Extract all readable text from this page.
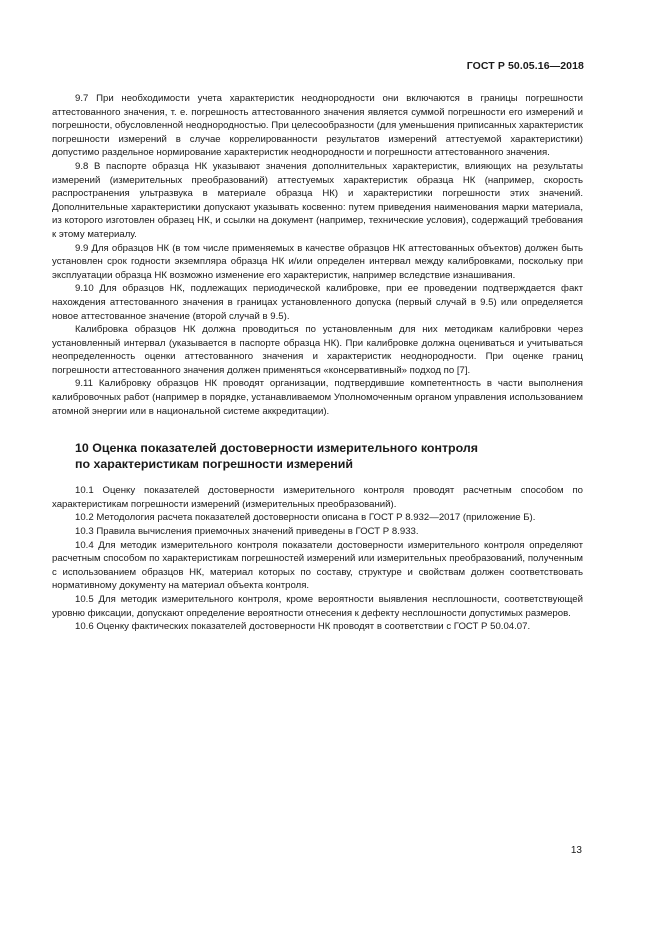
ГОСТ Р 50.05.16—2018

9.7 При необходимости учета характеристик неоднородности они включаются в границы погрешности аттестованного значения, т. е. погрешность аттестованного значения является суммой погрешности его измерений и погрешности, обусловленной неоднородностью. При целесообразности (для уменьшения приписанных характеристик погрешности измерений в случае коррелированности результатов измерений аттестуемой характеристики) допустимо раздельное нормирование характеристик неоднородности и погрешности аттестованного значения.

9.8 В паспорте образца НК указывают значения дополнительных характеристик, влияющих на результаты измерений (измерительных преобразований) аттестуемых характеристик образца НК (например, скорость распространения ультразвука в материале образца НК) и характеристики погрешности этих значений. Дополнительные характеристики допускают указывать косвенно: путем приведения наименования марки материала, из которого изготовлен образец НК, и ссылки на документ (например, технические условия), содержащий требования к этому материалу.

9.9 Для образцов НК (в том числе применяемых в качестве образцов НК аттестованных объектов) должен быть установлен срок годности экземпляра образца НК и/или определен интервал между калибровками, поскольку при эксплуатации образца НК возможно изменение его характеристик, например вследствие изнашивания.

9.10 Для образцов НК, подлежащих периодической калибровке, при ее проведении подтверждается факт нахождения аттестованного значения в границах установленного допуска (первый случай в 9.5) или определяется новое аттестованное значение (второй случай в 9.5).

Калибровка образцов НК должна проводиться по установленным для них методикам калибровки через установленный интервал (указывается в паспорте образца НК). При калибровке должна оцениваться и учитываться неопределенность оценки аттестованного значения и характеристик неоднородности. При оценке границ погрешности аттестованного значения должен применяться «консервативный» подход по [7].

9.11 Калибровку образцов НК проводят организации, подтвердившие компетентность в части выполнения калибровочных работ (например в порядке, устанавливаемом Уполномоченным органом управления использованием атомной энергии или в национальной системе аккредитации).

10 Оценка показателей достоверности измерительного контроля
по характеристикам погрешности измерений

10.1 Оценку показателей достоверности измерительного контроля проводят расчетным способом по характеристикам погрешности измерений (измерительных преобразований).

10.2 Методология расчета показателей достоверности описана в ГОСТ Р 8.932—2017 (приложение Б).

10.3 Правила вычисления приемочных значений приведены в ГОСТ Р 8.933.

10.4 Для методик измерительного контроля показатели достоверности измерительного контроля определяют расчетным способом по характеристикам погрешностей измерений или измерительных преобразований, полученным с использованием образцов НК, материал которых по составу, структуре и свойствам должен соответствовать нормативному документу на материал объекта контроля.

10.5 Для методик измерительного контроля, кроме вероятности выявления несплошности, соответствующей уровню фиксации, допускают определение вероятности отнесения к дефекту несплошности допустимых размеров.

10.6 Оценку фактических показателей достоверности НК проводят в соответствии с ГОСТ Р 50.04.07.

13
